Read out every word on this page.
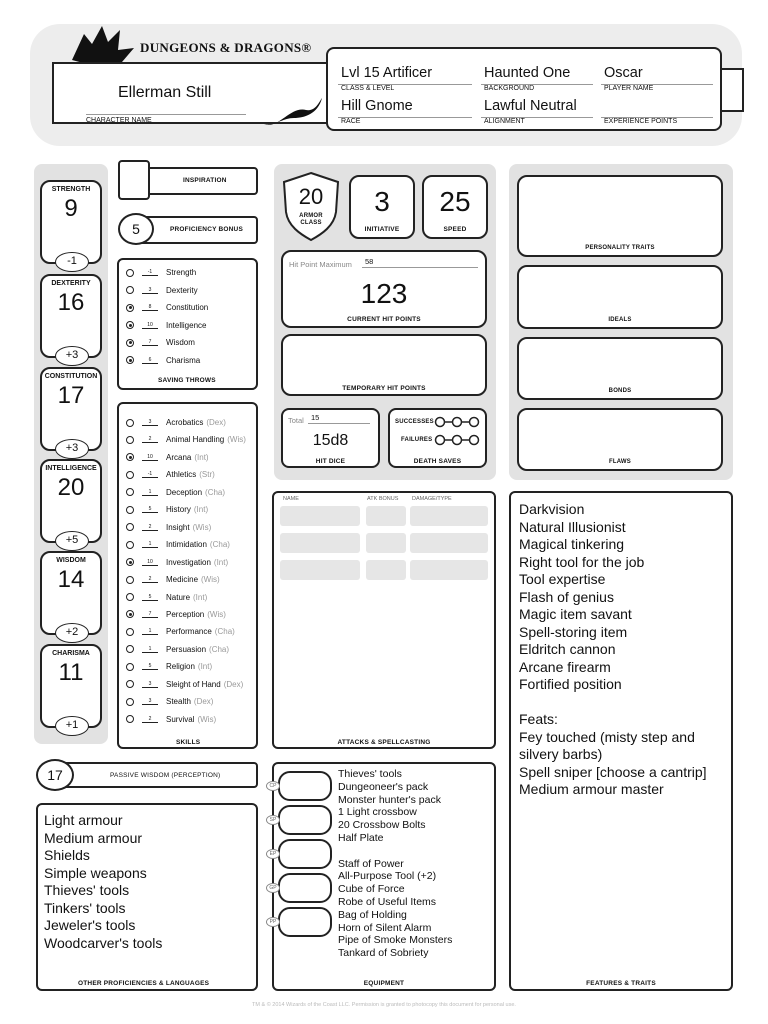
DUNGEONS & DRAGONS®
Ellerman Still
CHARACTER NAME
Lvl 15 Artificer
CLASS & LEVEL
Haunted One
BACKGROUND
Oscar
PLAYER NAME
Hill Gnome
RACE
Lawful Neutral
ALIGNMENT	EXPERIENCE POINTS
STRENGTH
9
-1
DEXTERITY
16
+3
CONSTITUTION
17
+3
INTELLIGENCE
20
+5
WISDOM
14
+2
CHARISMA
11
+1
INSPIRATION
5	PROFICIENCY BONUS
-1	Strength
3	Dexterity
8	Constitution
10	Intelligence
7	Wisdom
6	Charisma
SAVING THROWS
3	Acrobatics (Dex)
2	Animal Handling (Wis)
10	Arcana (Int)
-1	Athletics (Str)
1	Deception (Cha)
5	History (Int)
2	Insight (Wis)
1	Intimidation (Cha)
10	Investigation (Int)
2	Medicine (Wis)
5	Nature (Int)
7	Perception (Wis)
1	Performance (Cha)
1	Persuasion (Cha)
5	Religion (Int)
3	Sleight of Hand (Dex)
3	Stealth (Dex)
2	Survival (Wis)
SKILLS
17	PASSIVE WISDOM (PERCEPTION)
Light armour
Medium armour
Shields
Simple weapons
Thieves' tools
Tinkers' tools
Jeweler's tools
Woodcarver's tools
OTHER PROFICIENCIES & LANGUAGES
20
ARMOR CLASS
3
INITIATIVE
25
SPEED
Hit Point Maximum 58
123
CURRENT HIT POINTS
TEMPORARY HIT POINTS
Total 15
15d8
HIT DICE
SUCCESSES
FAILURES
DEATH SAVES
NAME	ATK BONUS DAMAGE/TYPE
ATTACKS & SPELLCASTING
CP
SP
EP
GP
PP
Thieves' tools
Dungeoneer's pack
Monster hunter's pack
1 Light crossbow
20 Crossbow Bolts
Half Plate

Staff of Power
All-Purpose Tool (+2)
Cube of Force
Robe of Useful Items
Bag of Holding
Horn of Silent Alarm
Pipe of Smoke Monsters
Tankard of Sobriety
EQUIPMENT
PERSONALITY TRAITS
IDEALS
BONDS
FLAWS
Darkvision
Natural Illusionist
Magical tinkering
Right tool for the job
Tool expertise
Flash of genius
Magic item savant
Spell-storing item
Eldritch cannon
Arcane firearm
Fortified position

Feats:
Fey touched (misty step and
silvery barbs)
Spell sniper [choose a cantrip]
Medium armour master
FEATURES & TRAITS
TM & © 2014 Wizards of the Coast LLC. Permission is granted to photocopy this document for personal use.
